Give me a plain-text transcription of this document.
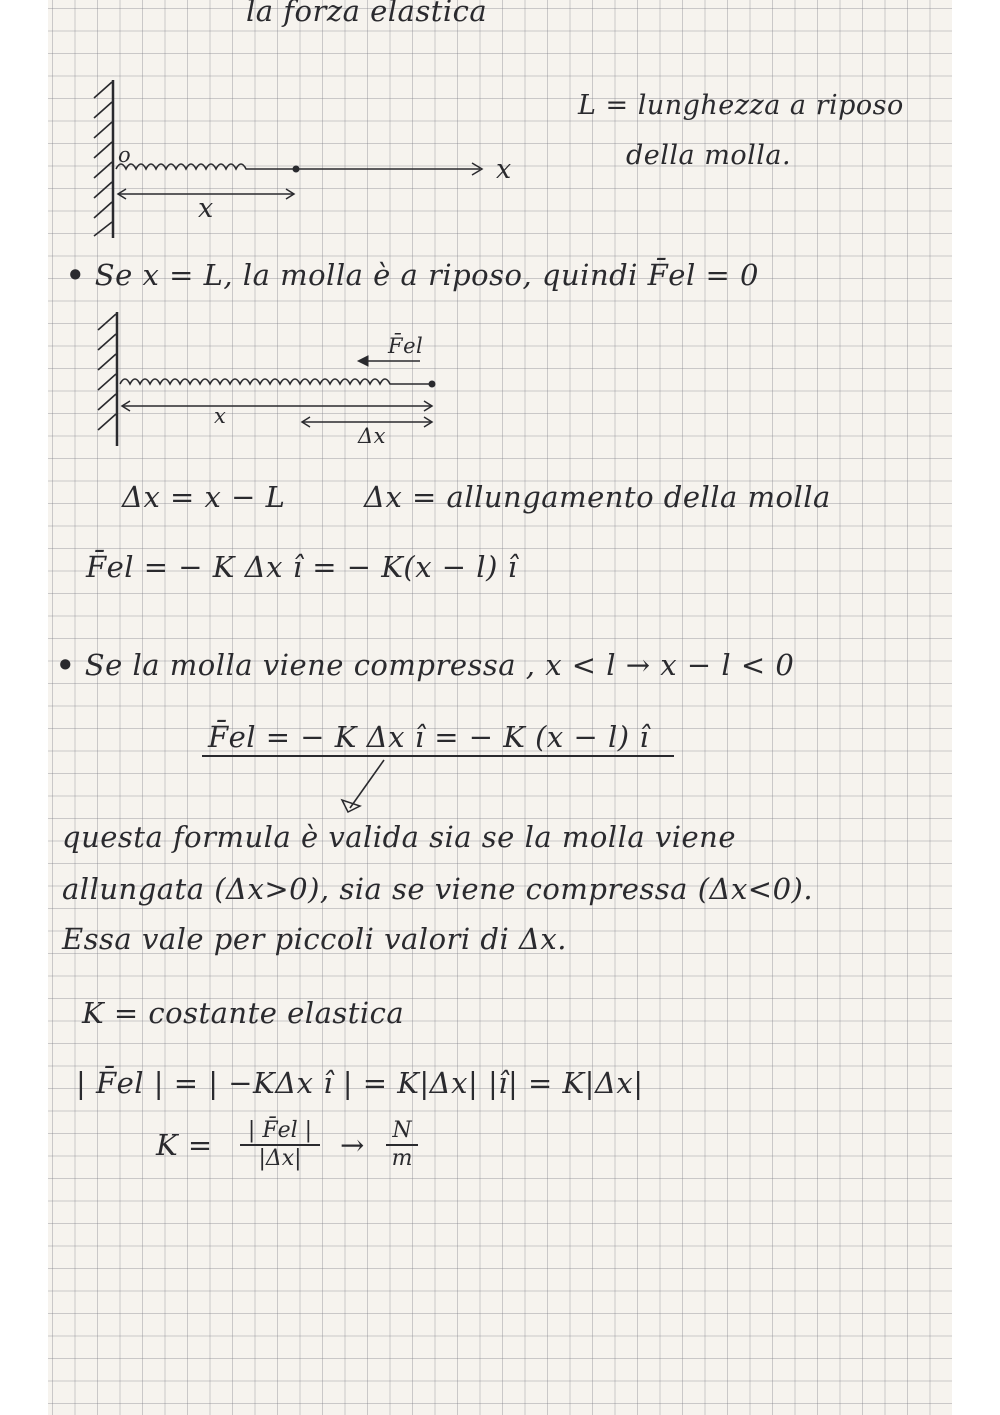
la forza elastica
o	x
x
L = lunghezza a riposo
della molla.
• Se x = L, la molla è a riposo, quindi F̄el = 0
F̄el
x
Δx
Δx = x − L	Δx = allungamento della molla
F̄el = − K Δx î = − K(x − l) î
• Se la molla viene compressa , x < l → x − l < 0
F̄el = − K Δx î = − K (x − l) î
questa formula è valida sia se la molla viene
allungata (Δx>0), sia se viene compressa (Δx<0).
Essa vale per piccoli valori di Δx.
K = costante elastica
| F̄el | = | −KΔx î | = K|Δx| |î| = K|Δx|
K =	| F̄el |
|Δx|	→	N
m
